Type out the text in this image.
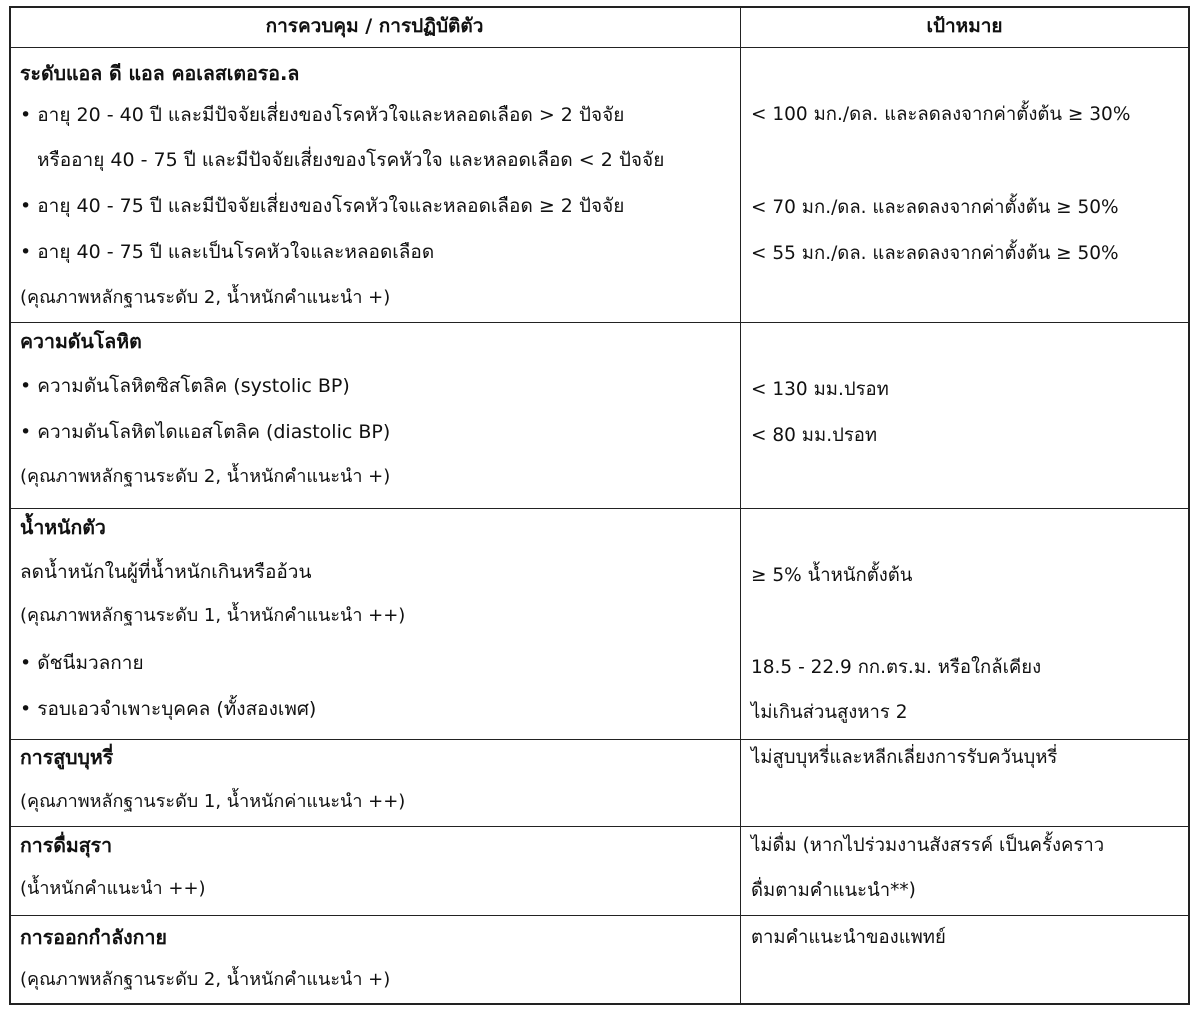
การควบคุม / การปฏิบัติตัว	เป้าหมาย
ระดับแอล ดี แอล คอเลสเตอรอ.ล
• อายุ 20 - 40 ปี และมีปัจจัยเสี่ยงของโรคหัวใจและหลอดเลือด > 2 ปัจจัย
หรืออายุ 40 - 75 ปี และมีปัจจัยเสี่ยงของโรคหัวใจ และหลอดเลือด < 2 ปัจจัย
• อายุ 40 - 75 ปี และมีปัจจัยเสี่ยงของโรคหัวใจและหลอดเลือด ≥ 2 ปัจจัย
• อายุ 40 - 75 ปี และเป็นโรคหัวใจและหลอดเลือด
(คุณภาพหลักฐานระดับ 2, น้ำหนักคำแนะนำ +)
< 100 มก./ดล. และลดลงจากค่าตั้งต้น ≥ 30%
< 70 มก./ดล. และลดลงจากค่าตั้งต้น ≥ 50%
< 55 มก./ดล. และลดลงจากค่าตั้งต้น ≥ 50%
ความดันโลหิต
• ความดันโลหิตซิสโตลิค (systolic BP)
• ความดันโลหิตไดแอสโตลิค (diastolic BP)
(คุณภาพหลักฐานระดับ 2, น้ำหนักคำแนะนำ +)
< 130 มม.ปรอท
< 80 มม.ปรอท
น้ำหนักตัว
ลดน้ำหนักในผู้ที่น้ำหนักเกินหรืออ้วน
(คุณภาพหลักฐานระดับ 1, น้ำหนักคำแนะนำ ++)
• ดัชนีมวลกาย
• รอบเอวจำเพาะบุคคล (ทั้งสองเพศ)
≥ 5% น้ำหนักตั้งต้น
18.5 - 22.9 กก.ตร.ม. หรือใกล้เคียง
ไม่เกินส่วนสูงหาร 2
การสูบบุหรี่
(คุณภาพหลักฐานระดับ 1, น้ำหนักค่าแนะนำ ++)
ไม่สูบบุหรี่และหลีกเลี่ยงการรับควันบุหรี่
การดื่มสุรา
(น้ำหนักคำแนะนำ ++)
ไม่ดื่ม (หากไปร่วมงานสังสรรค์ เป็นครั้งคราว
ดื่มตามคำแนะนำ**)
การออกกำลังกาย
(คุณภาพหลักฐานระดับ 2, น้ำหนักคำแนะนำ +)
ตามคำแนะนำของแพทย์
